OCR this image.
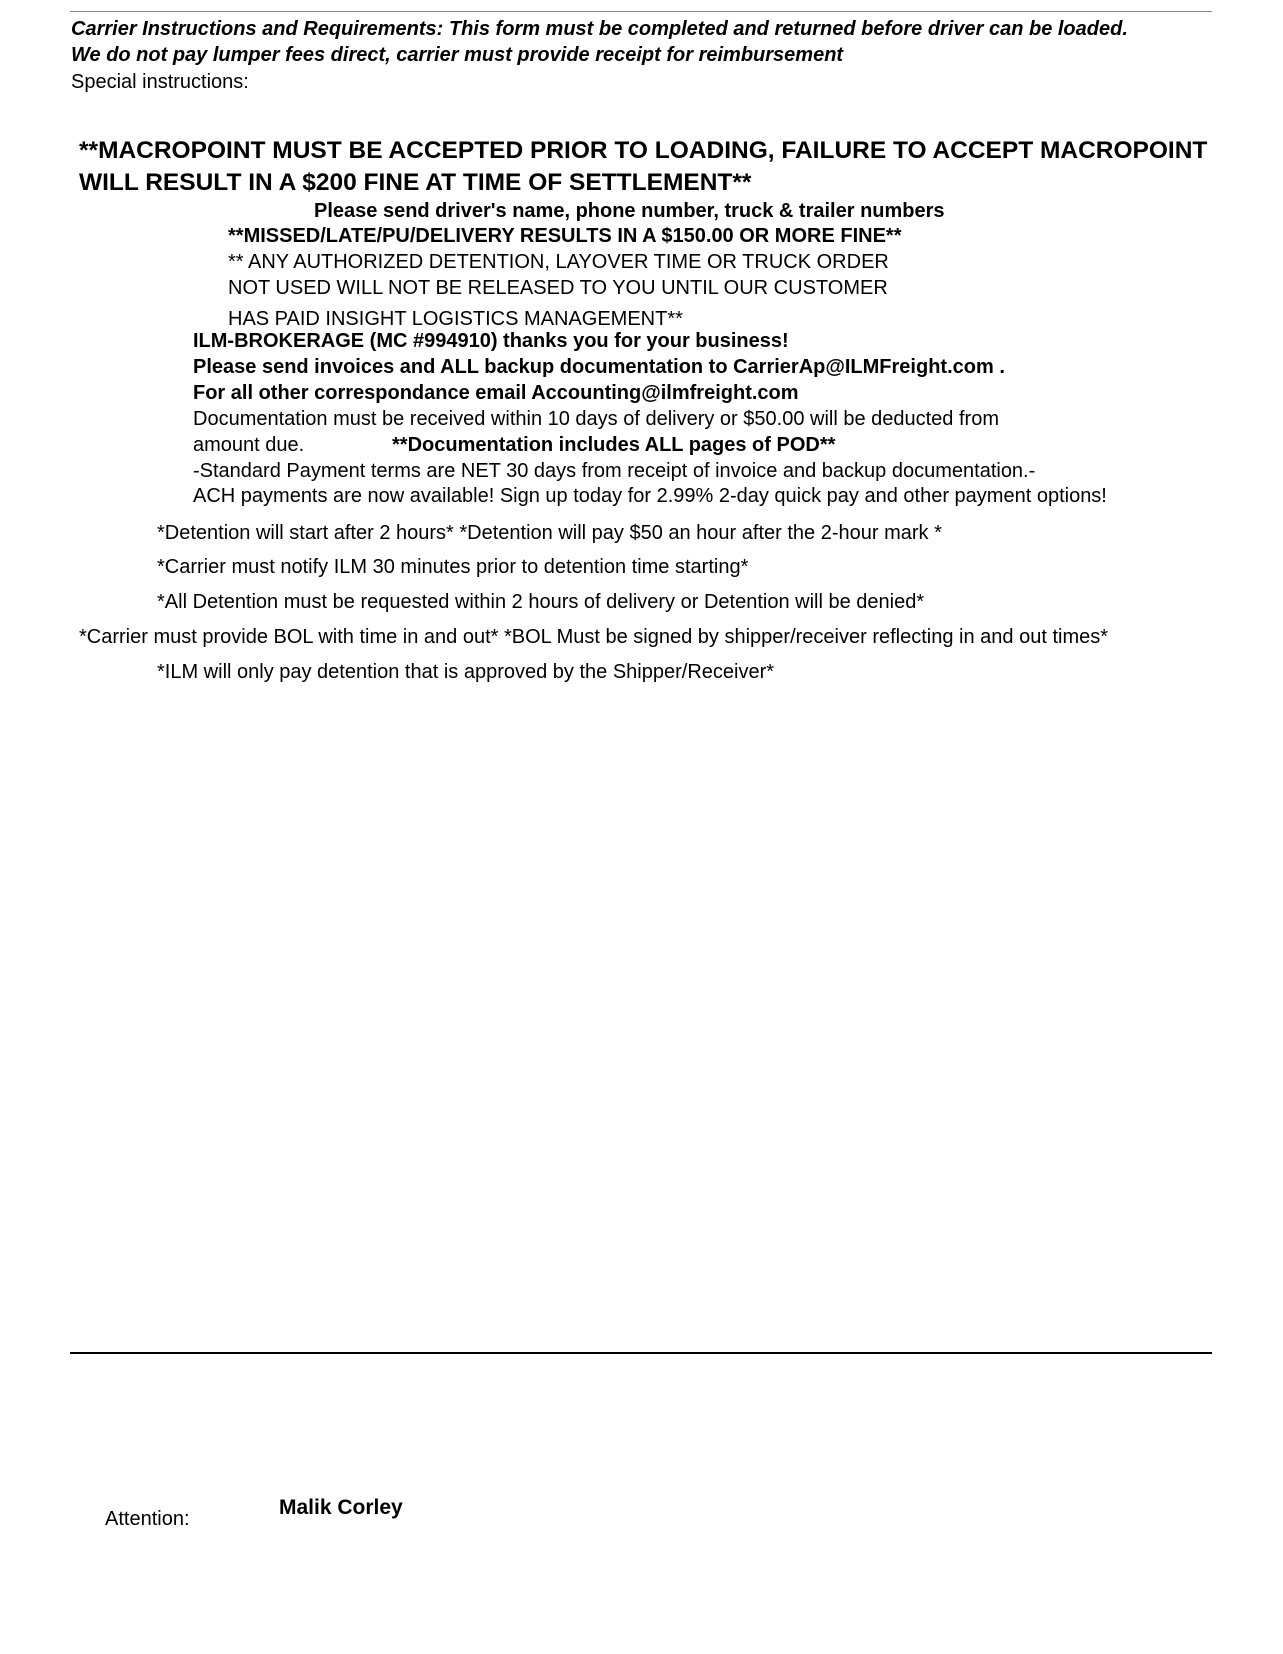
Carrier Instructions and Requirements: This form must be completed and returned before driver can be loaded.
We do not pay lumper fees direct, carrier must provide receipt for reimbursement
Special instructions:
**MACROPOINT MUST BE ACCEPTED PRIOR TO LOADING, FAILURE TO ACCEPT MACROPOINT
WILL RESULT IN A $200 FINE AT TIME OF SETTLEMENT**
Please send driver's name, phone number, truck & trailer numbers
**MISSED/LATE/PU/DELIVERY RESULTS IN A $150.00 OR MORE FINE**
** ANY AUTHORIZED DETENTION, LAYOVER TIME OR TRUCK ORDER
NOT USED WILL NOT BE RELEASED TO YOU UNTIL OUR CUSTOMER
HAS PAID INSIGHT LOGISTICS MANAGEMENT**
ILM-BROKERAGE (MC #994910) thanks you for your business!
Please send invoices and ALL backup documentation to CarrierAp@ILMFreight.com .
For all other correspondance email Accounting@ilmfreight.com
Documentation must be received within 10 days of delivery or $50.00 will be deducted from
amount due.	**Documentation includes ALL pages of POD**
-Standard Payment terms are NET 30 days from receipt of invoice and backup documentation.-
ACH payments are now available! Sign up today for 2.99% 2-day quick pay and other payment options!
*Detention will start after 2 hours* *Detention will pay $50 an hour after the 2-hour mark *
*Carrier must notify ILM 30 minutes prior to detention time starting*
*All Detention must be requested within 2 hours of delivery or Detention will be denied*
*Carrier must provide BOL with time in and out* *BOL Must be signed by shipper/receiver reflecting in and out times*
*ILM will only pay detention that is approved by the Shipper/Receiver*
Attention:	Malik Corley
